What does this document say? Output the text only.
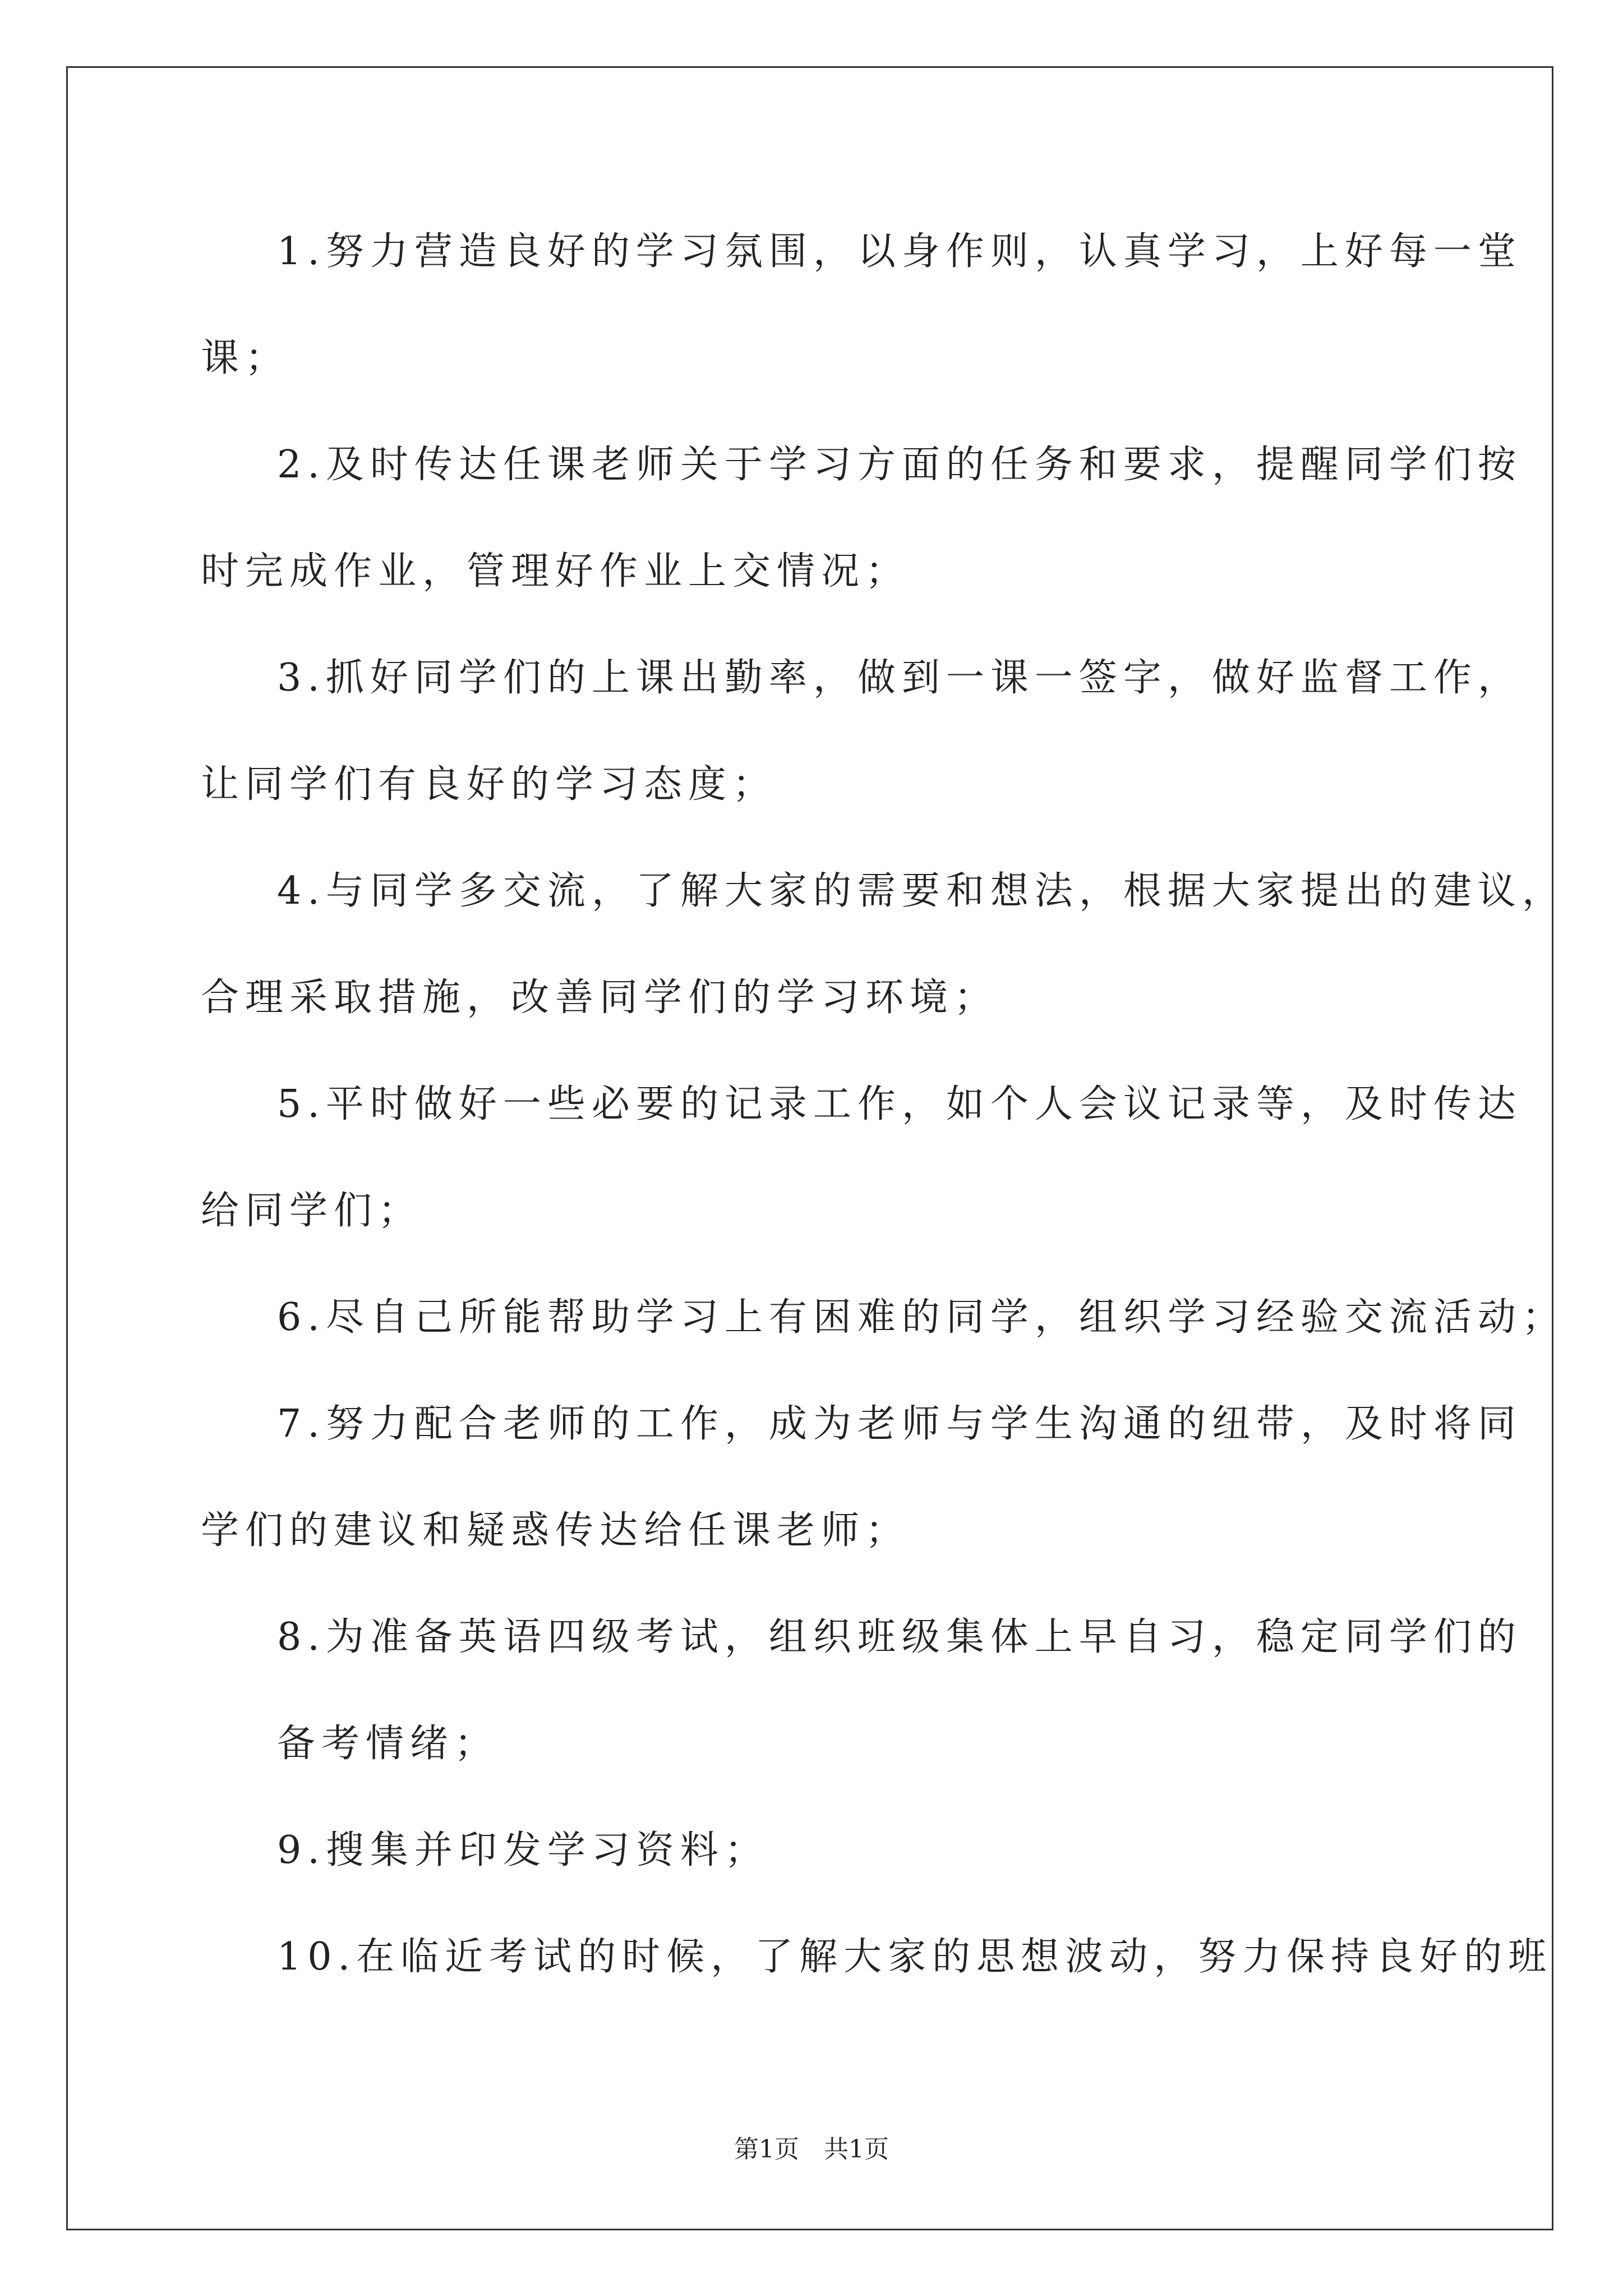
1.努力营造良好的学习氛围，以身作则，认真学习，上好每一堂
课；
2.及时传达任课老师关于学习方面的任务和要求，提醒同学们按
时完成作业，管理好作业上交情况；
3.抓好同学们的上课出勤率，做到一课一签字，做好监督工作，
让同学们有良好的学习态度；
4.与同学多交流，了解大家的需要和想法，根据大家提出的建议，
合理采取措施，改善同学们的学习环境；
5.平时做好一些必要的记录工作，如个人会议记录等，及时传达
给同学们；
6.尽自己所能帮助学习上有困难的同学，组织学习经验交流活动；
7.努力配合老师的工作，成为老师与学生沟通的纽带，及时将同
学们的建议和疑惑传达给任课老师；
8.为准备英语四级考试，组织班级集体上早自习，稳定同学们的
备考情绪；
9.搜集并印发学习资料；
10.在临近考试的时候，了解大家的思想波动，努力保持良好的班
第1页　共1页
